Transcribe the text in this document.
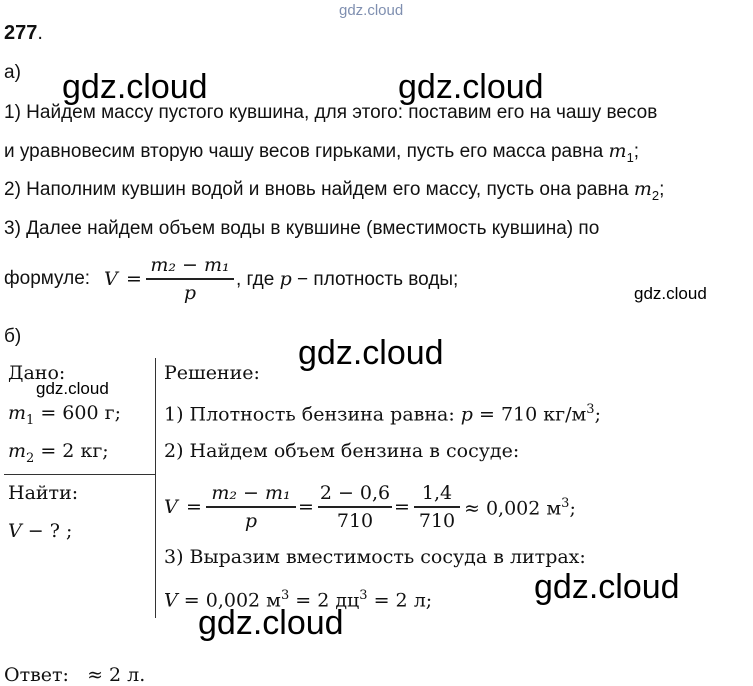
gdz.cloud
277.
а) gdz.cloud	gdz.cloud
1) Найдем массу пустого кувшина, для этого: поставим его на чашу весов
и уравновесим вторую чашу весов гирьками, пусть его масса равна $m_1$;
2) Наполним кувшин водой и вновь найдем его массу, пусть она равна $m_2$;
3) Далее найдем объем воды в кувшине (вместимость кувшина) по
формуле: V =
m₂ − m₁
p
, где p − плотность воды;
gdz.cloud
б)	gdz.cloud
Дано:
gdz.cloud
$m_1 = 600$ г;
$m_2 = 2$ кг;
Найти:
V − ? ;
Решение:
1) Плотность бензина равна: p = 710 $кг/м^3$;
2) Найдем объем бензина в сосуде:
V =
m₂ − m₁
p
=
2 − 0,6
710
=
1,4
710
≈ 0,002 $м^3$;
3) Выразим вместимость сосуда в литрах:
V = 0,002 $м^3 = 2$ $дц^3 = 2$ л;	gdz.cloud
gdz.cloud
Ответ: ≈ 2 л.
